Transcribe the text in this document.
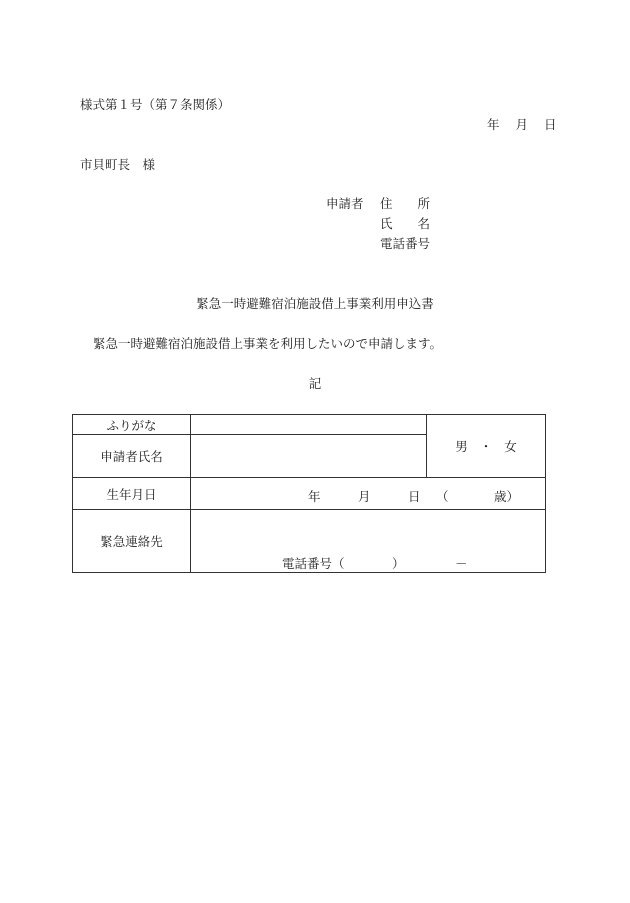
様式第１号（第７条関係）
年 月 日
市貝町長　様
申請者 住　　所
氏　　名
電話番号
緊急一時避難宿泊施設借上事業利用申込書
緊急一時避難宿泊施設借上事業を利用したいので申請します。
記
ふりがな		男 ・ 女
申請者氏名		
生年月日	年 月 日 （ 歳）	

緊急連絡先	電話番号（ ） －	
